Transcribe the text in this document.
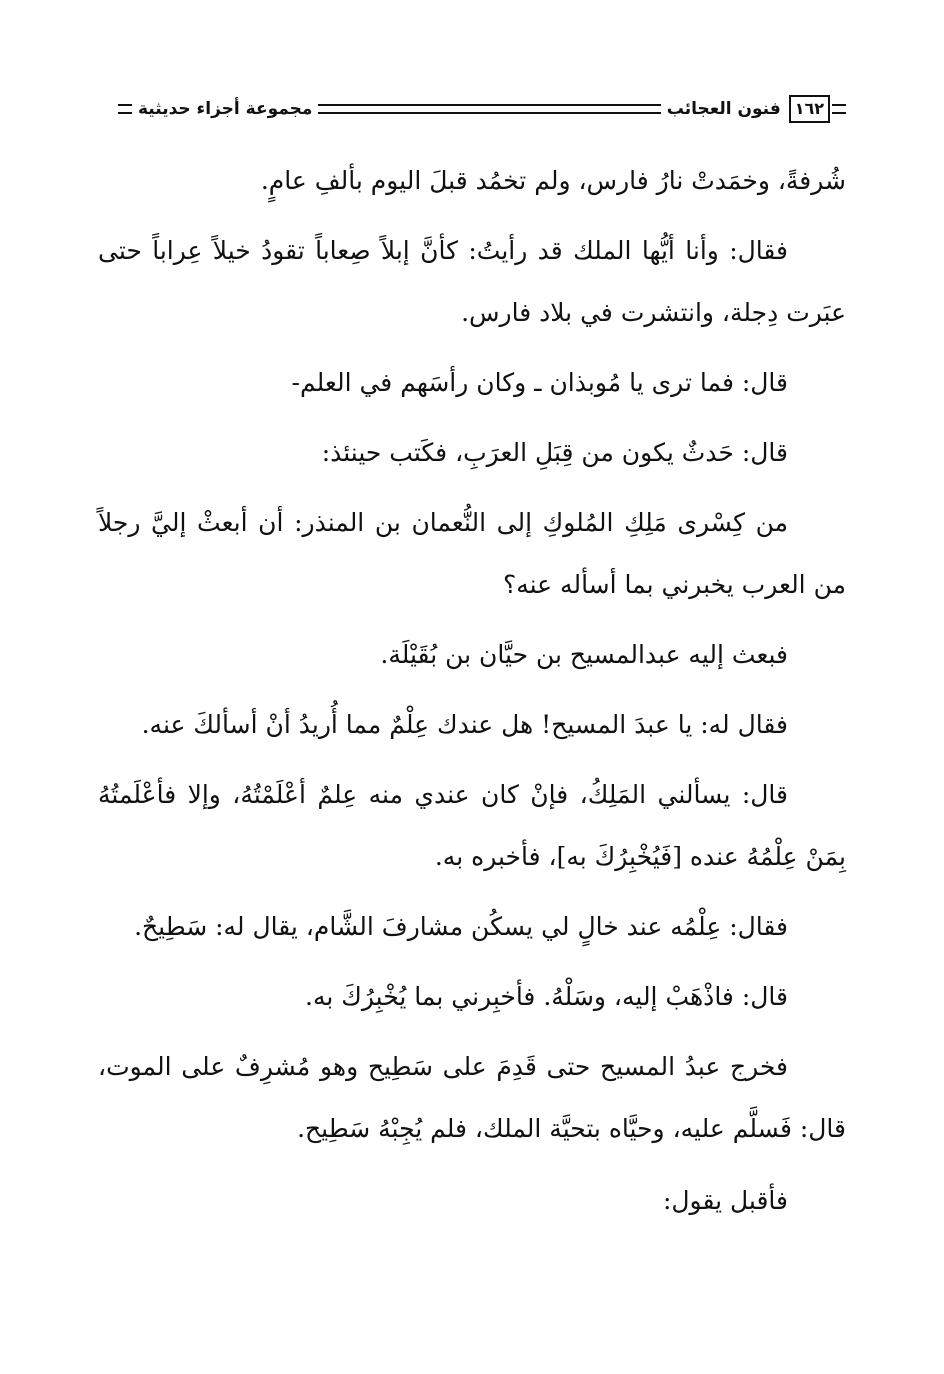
١٦٢
فنون العجائب
مجموعة أجزاء حديثية

شُرفةً، وخمَدتْ نارُ فارس، ولم تخمُد قبلَ اليوم بألفِ عامٍ.

فقال: وأنا أيُّها الملك قد رأيتُ: كأنَّ إبلاً صِعاباً تقودُ خيلاً عِراباً حتى عبَرت دِجلة، وانتشرت في بلاد فارس.

قال: فما ترى يا مُوبذان ـ وكان رأسَهم في العلم-

قال: حَدثٌ يكون من قِبَلِ العرَبِ، فكَتب حينئذ:

من كِسْرى مَلِكِ المُلوكِ إلى النُّعمان بن المنذر: أن أبعثْ إليَّ رجلاً من العرب يخبرني بما أسأله عنه؟

فبعث إليه عبدالمسيح بن حيَّان بن بُقَيْلَة.

فقال له: يا عبدَ المسيح! هل عندك عِلْمٌ مما أُريدُ أنْ أسألكَ عنه.

قال: يسألني المَلِكُ، فإنْ كان عندي منه عِلمٌ أعْلَمْتُهُ، وإلا فأعْلَمتُهُ بِمَنْ عِلْمُهُ عنده [فَيُخْبِرُكَ به]، فأخبره به.

فقال: عِلْمُه عند خالٍ لي يسكُن مشارفَ الشَّام، يقال له: سَطِيحٌ.

قال: فاذْهَبْ إليه، وسَلْهُ. فأخبِرني بما يُخْبِرُكَ به.

فخرج عبدُ المسيح حتى قَدِمَ على سَطِيح وهو مُشرِفٌ على الموت، قال: فَسلَّم عليه، وحيَّاه بتحيَّة الملك، فلم يُجِبْهُ سَطِيح.

فأقبل يقول:
